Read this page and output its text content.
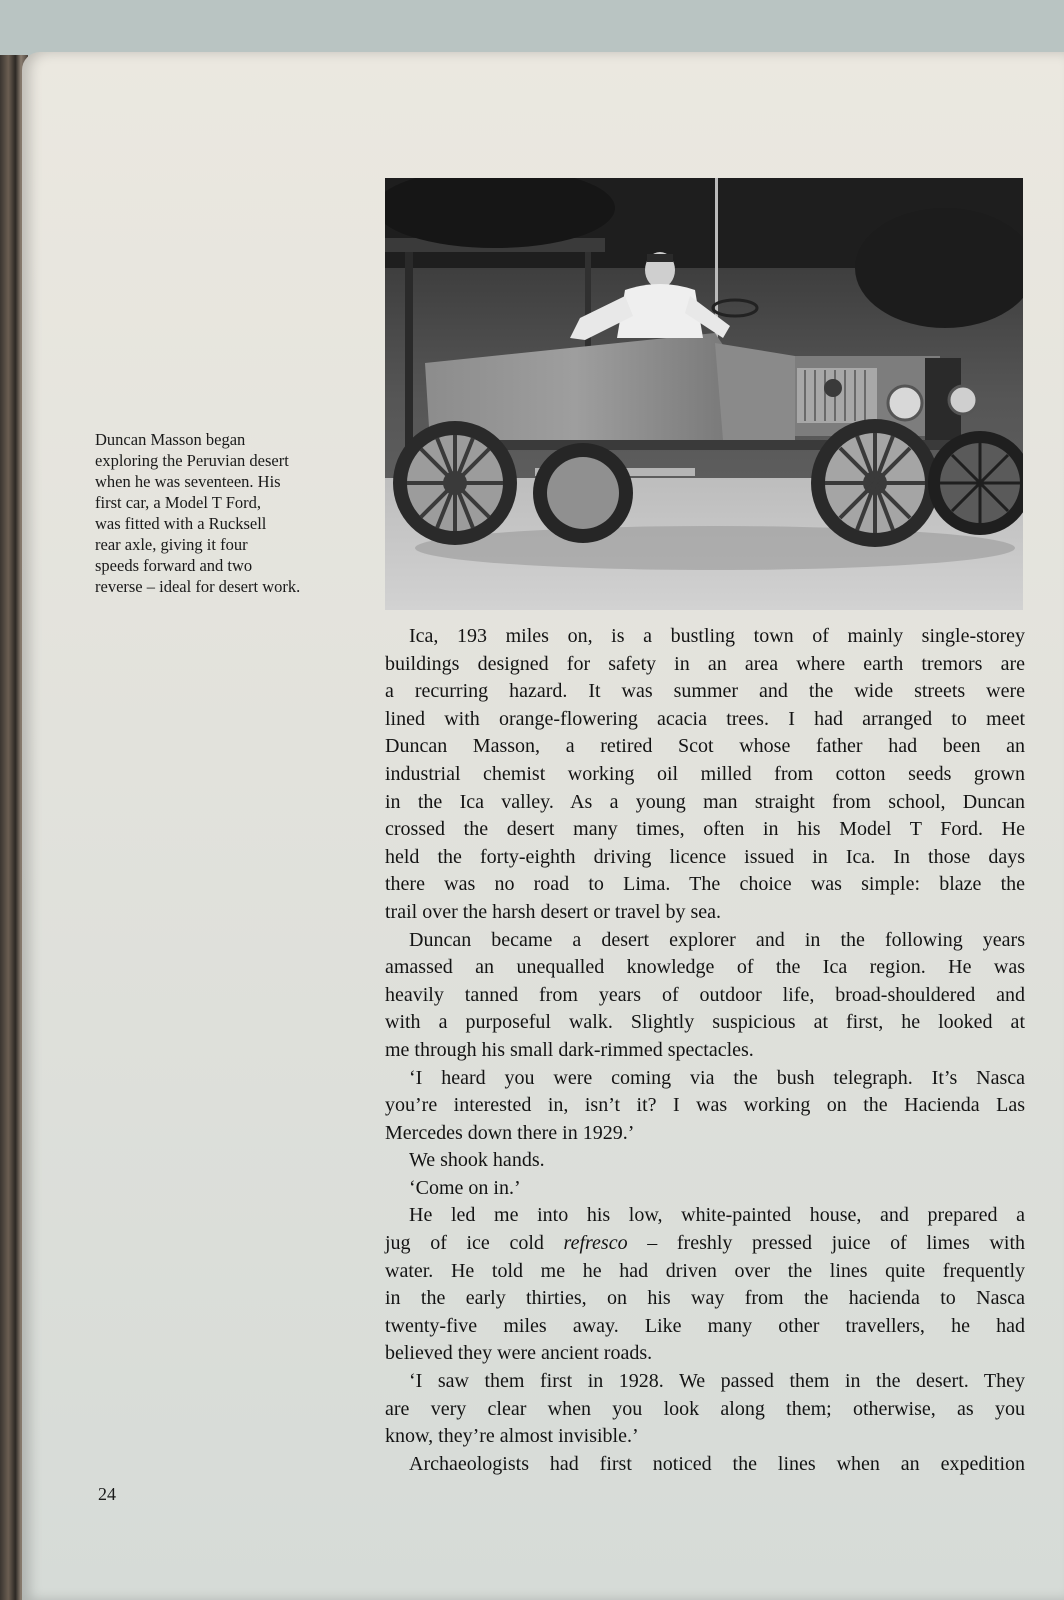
Duncan Masson began
exploring the Peruvian desert
when he was seventeen. His
first car, a Model T Ford,
was fitted with a Rucksell
rear axle, giving it four
speeds forward and two
reverse – ideal for desert work.
Ica, 193 miles on, is a bustling town of mainly single-storey
buildings designed for safety in an area where earth tremors are
a recurring hazard. It was summer and the wide streets were
lined with orange-flowering acacia trees. I had arranged to meet
Duncan Masson, a retired Scot whose father had been an
industrial chemist working oil milled from cotton seeds grown
in the Ica valley. As a young man straight from school, Duncan
crossed the desert many times, often in his Model T Ford. He
held the forty-eighth driving licence issued in Ica. In those days
there was no road to Lima. The choice was simple: blaze the
trail over the harsh desert or travel by sea.
Duncan became a desert explorer and in the following years
amassed an unequalled knowledge of the Ica region. He was
heavily tanned from years of outdoor life, broad-shouldered and
with a purposeful walk. Slightly suspicious at first, he looked at
me through his small dark-rimmed spectacles.
‘I heard you were coming via the bush telegraph. It’s Nasca
you’re interested in, isn’t it? I was working on the Hacienda Las
Mercedes down there in 1929.’
We shook hands.
‘Come on in.’
He led me into his low, white-painted house, and prepared a
jug of ice cold refresco – freshly pressed juice of limes with
water. He told me he had driven over the lines quite frequently
in the early thirties, on his way from the hacienda to Nasca
twenty-five miles away. Like many other travellers, he had
believed they were ancient roads.
‘I saw them first in 1928. We passed them in the desert. They
are very clear when you look along them; otherwise, as you
know, they’re almost invisible.’
Archaeologists had first noticed the lines when an expedition
24
